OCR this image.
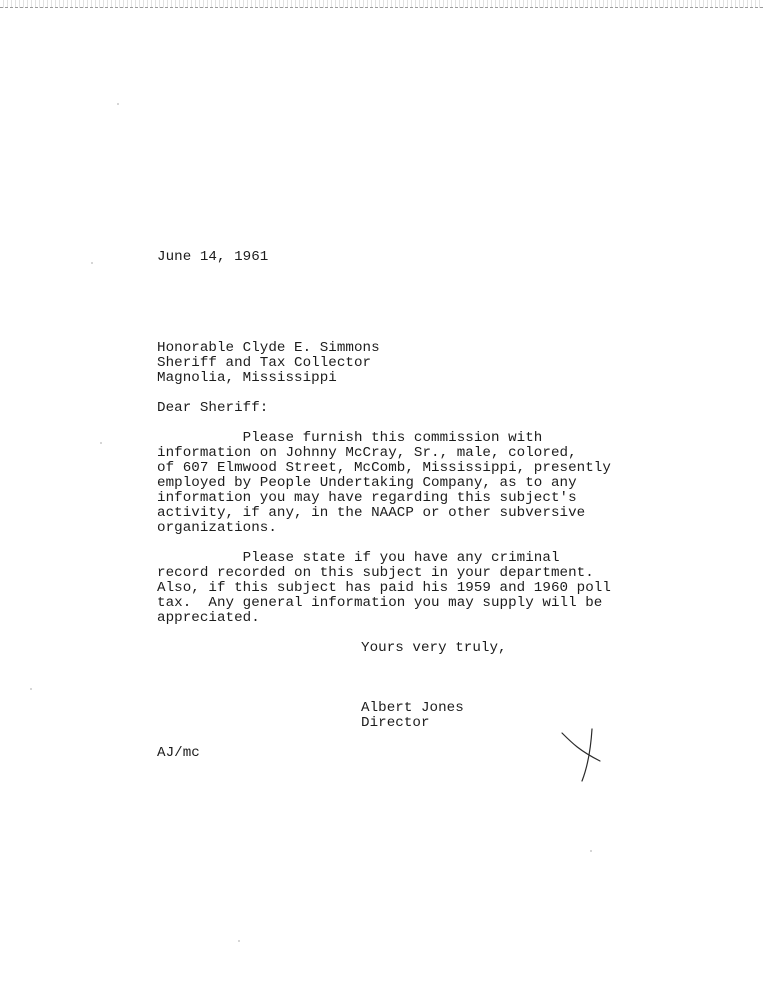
June 14, 1961
Honorable Clyde E. Simmons
Sheriff and Tax Collector
Magnolia, Mississippi
Dear Sheriff:
Please furnish this commission with
information on Johnny McCray, Sr., male, colored,
of 607 Elmwood Street, McComb, Mississippi, presently
employed by People Undertaking Company, as to any
information you may have regarding this subject's
activity, if any, in the NAACP or other subversive
organizations.
Please state if you have any criminal
record recorded on this subject in your department.
Also, if this subject has paid his 1959 and 1960 poll
tax.  Any general information you may supply will be
appreciated.
Yours very truly,
Albert Jones
Director
AJ/mc
